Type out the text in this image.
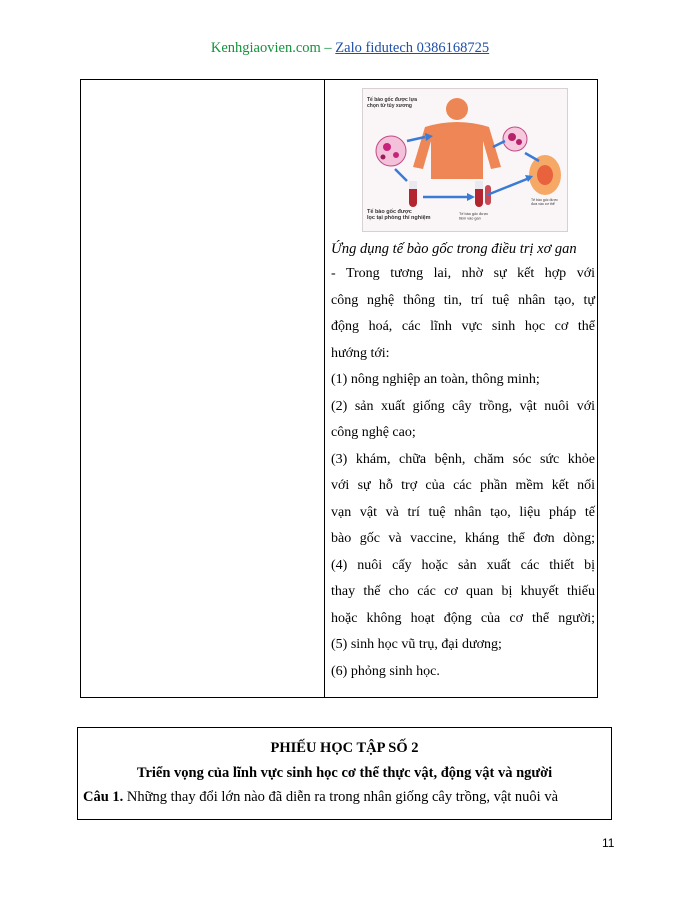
Kenhgiaovien.com – Zalo fidutech 0386168725
Tế bào gốc được lựa chọn từ tủy xương
Tế bào gốc được lọc tại phòng thí nghiệm
Tế bào gốc được tiêm vào gan
Tế bào gốc được đưa vào cơ thể
Ứng dụng tế bào gốc trong điều trị xơ gan
- Trong tương lai, nhờ sự kết hợp với
công nghệ thông tin, trí tuệ nhân tạo, tự
động hoá, các lĩnh vực sinh học cơ thể
hướng tới:
(1) nông nghiệp an toàn, thông minh;
(2) sản xuất giống cây trồng, vật nuôi với
công nghệ cao;
(3) khám, chữa bệnh, chăm sóc sức khỏe
với sự hỗ trợ của các phần mềm kết nối
vạn vật và trí tuệ nhân tạo, liệu pháp tế
bào gốc và vaccine, kháng thể đơn dòng;
(4) nuôi cấy hoặc sản xuất các thiết bị
thay thế cho các cơ quan bị khuyết thiếu
hoặc không hoạt động của cơ thể người;
(5) sinh học vũ trụ, đại dương;
(6) phỏng sinh học.
PHIẾU HỌC TẬP SỐ 2
Triển vọng của lĩnh vực sinh học cơ thể thực vật, động vật và người
Câu 1. Những thay đổi lớn nào đã diễn ra trong nhân giống cây trồng, vật nuôi và
11
